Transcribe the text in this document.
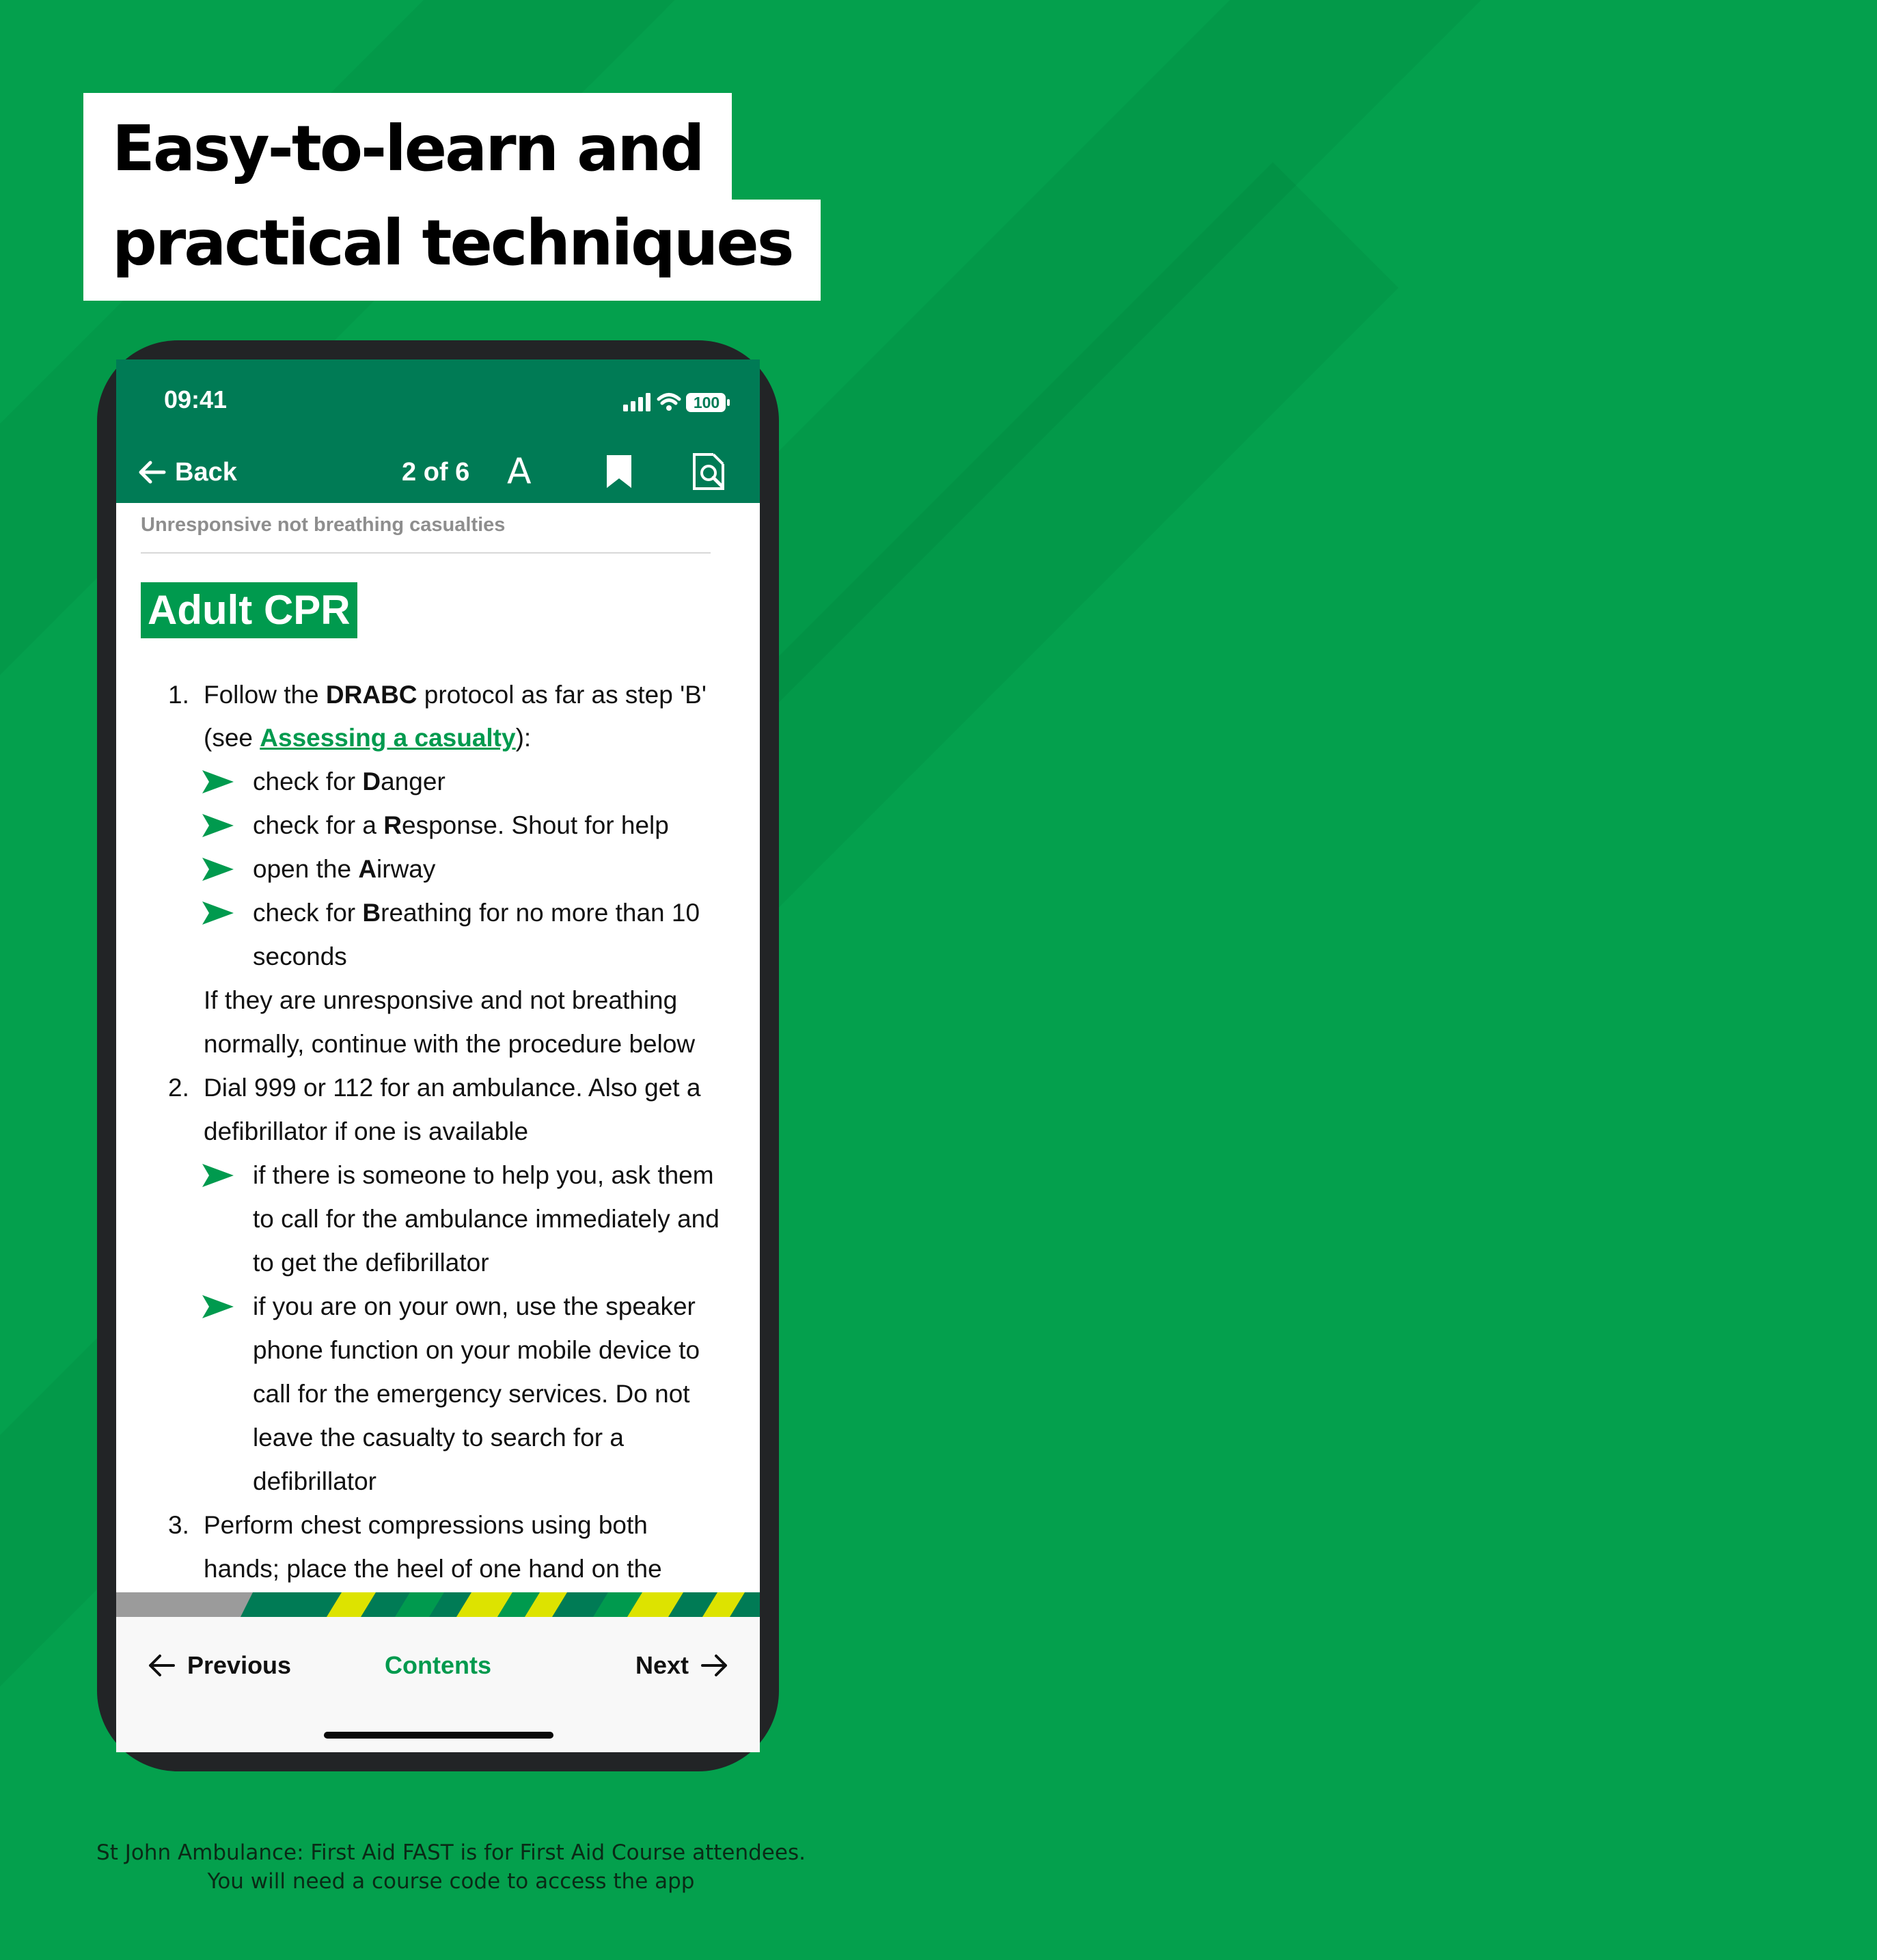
Easy-to-learn and
practical techniques
09:41	100
Back	2 of 6 A
Unresponsive not breathing casualties
Adult CPR
1. Follow the DRABC protocol as far as step 'B'
(see Assessing a casualty):
check for Danger
check for a Response. Shout for help
open the Airway
check for Breathing for no more than 10
seconds
If they are unresponsive and not breathing
normally, continue with the procedure below
2. Dial 999 or 112 for an ambulance. Also get a
defibrillator if one is available
if there is someone to help you, ask them
to call for the ambulance immediately and
to get the defibrillator
if you are on your own, use the speaker
phone function on your mobile device to
call for the emergency services. Do not
leave the casualty to search for a
defibrillator
3. Perform chest compressions using both
hands; place the heel of one hand on the
Previous	Contents	Next
St John Ambulance: First Aid FAST is for First Aid Course attendees.
You will need a course code to access the app
